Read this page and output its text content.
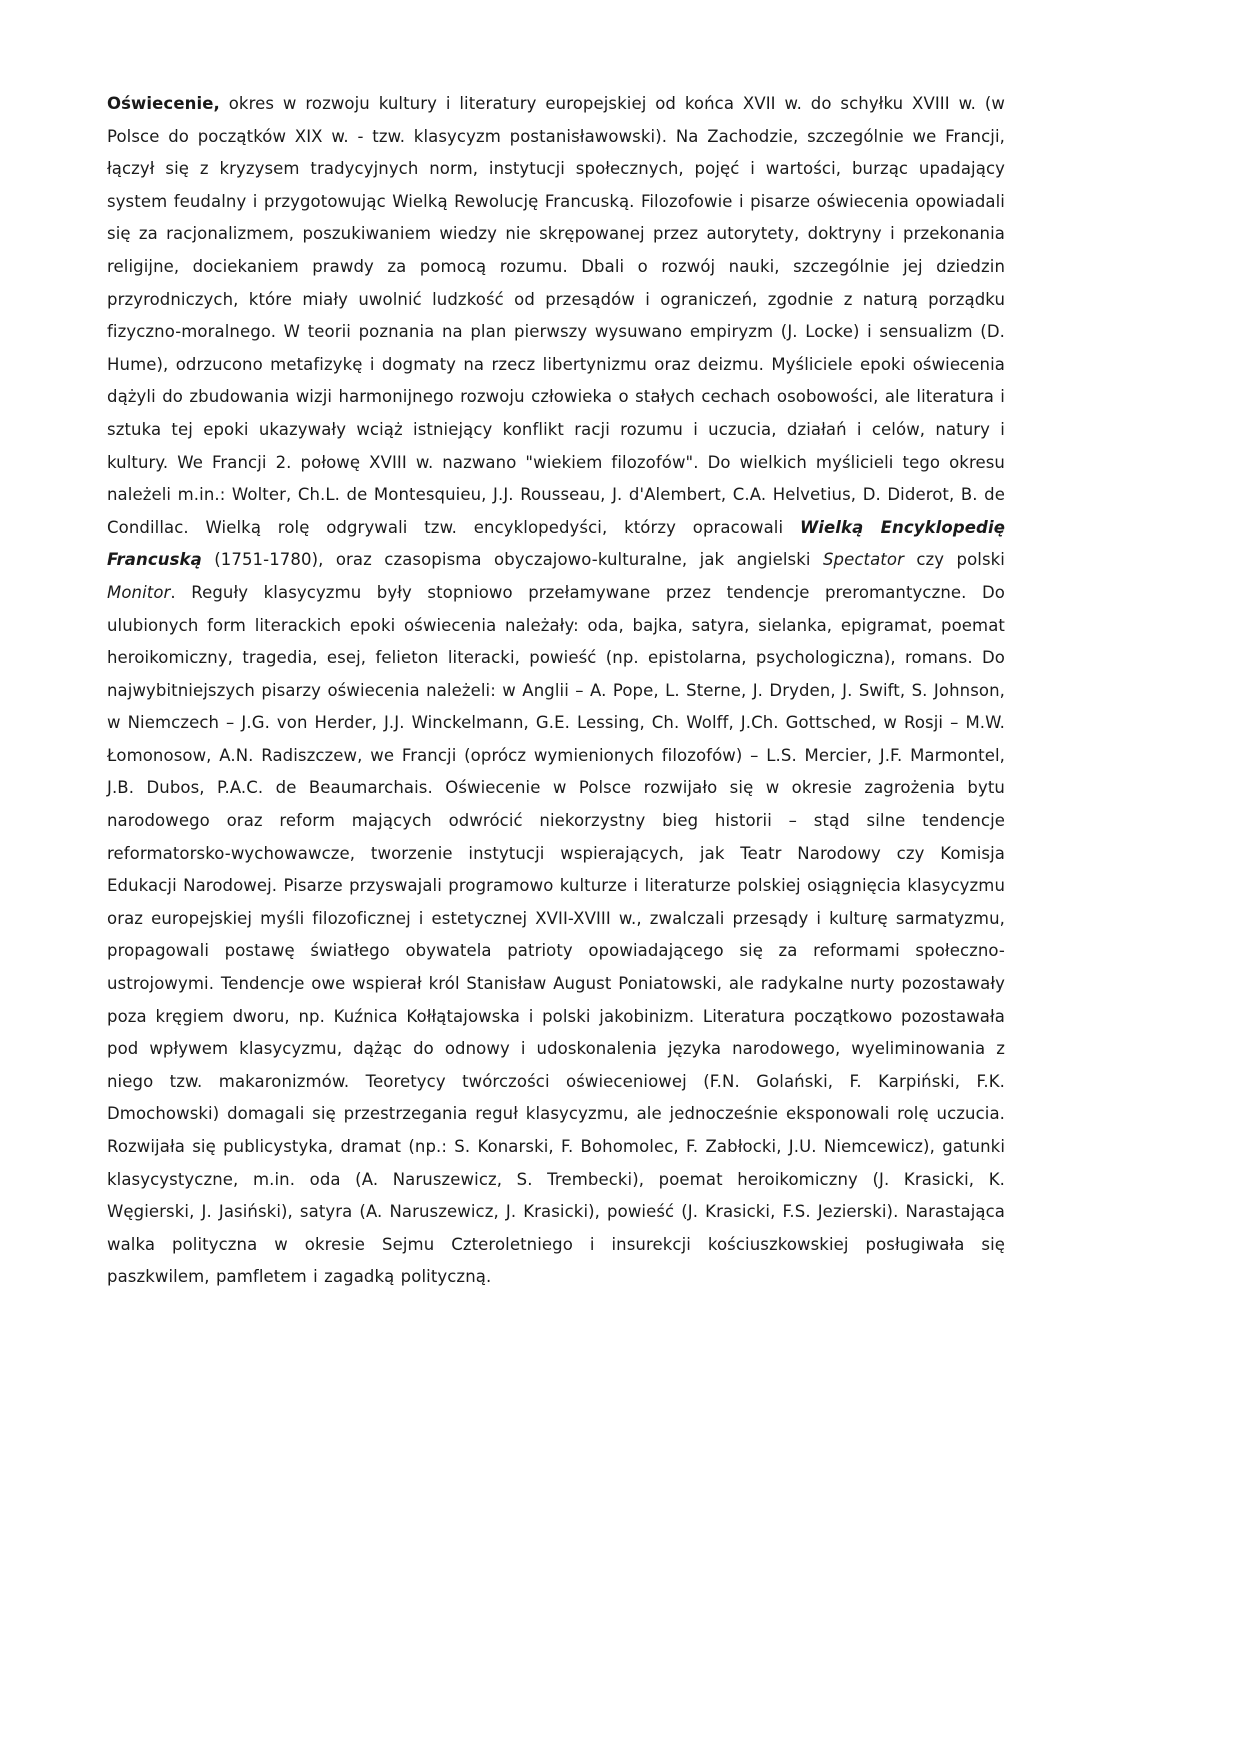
Oświecenie, okres w rozwoju kultury i literatury europejskiej od końca XVII w. do schyłku XVIII w. (w Polsce do początków XIX w. - tzw. klasycyzm postanisławowski). Na Zachodzie, szczególnie we Francji, łączył się z kryzysem tradycyjnych norm, instytucji społecznych, pojęć i wartości, burząc upadający system feudalny i przygotowując Wielką Rewolucję Francuską. Filozofowie i pisarze oświecenia opowiadali się za racjonalizmem, poszukiwaniem wiedzy nie skrępowanej przez autorytety, doktryny i przekonania religijne, dociekaniem prawdy za pomocą rozumu. Dbali o rozwój nauki, szczególnie jej dziedzin przyrodniczych, które miały uwolnić ludzkość od przesądów i ograniczeń, zgodnie z naturą porządku fizyczno-moralnego. W teorii poznania na plan pierwszy wysuwano empiryzm (J. Locke) i sensualizm (D. Hume), odrzucono metafizykę i dogmaty na rzecz libertynizmu oraz deizmu. Myśliciele epoki oświecenia dążyli do zbudowania wizji harmonijnego rozwoju człowieka o stałych cechach osobowości, ale literatura i sztuka tej epoki ukazywały wciąż istniejący konflikt racji rozumu i uczucia, działań i celów, natury i kultury. We Francji 2. połowę XVIII w. nazwano "wiekiem filozofów". Do wielkich myślicieli tego okresu należeli m.in.: Wolter, Ch.L. de Montesquieu, J.J. Rousseau, J. d'Alembert, C.A. Helvetius, D. Diderot, B. de Condillac. Wielką rolę odgrywali tzw. encyklopedyści, którzy opracowali Wielką Encyklopedię Francuską (1751-1780), oraz czasopisma obyczajowo-kulturalne, jak angielski Spectator czy polski Monitor. Reguły klasycyzmu były stopniowo przełamywane przez tendencje preromantyczne. Do ulubionych form literackich epoki oświecenia należały: oda, bajka, satyra, sielanka, epigramat, poemat heroikomiczny, tragedia, esej, felieton literacki, powieść (np. epistolarna, psychologiczna), romans. Do najwybitniejszych pisarzy oświecenia należeli: w Anglii – A. Pope, L. Sterne, J. Dryden, J. Swift, S. Johnson, w Niemczech – J.G. von Herder, J.J. Winckelmann, G.E. Lessing, Ch. Wolff, J.Ch. Gottsched, w Rosji – M.W. Łomonosow, A.N. Radiszczew, we Francji (oprócz wymienionych filozofów) – L.S. Mercier, J.F. Marmontel, J.B. Dubos, P.A.C. de Beaumarchais. Oświecenie w Polsce rozwijało się w okresie zagrożenia bytu narodowego oraz reform mających odwrócić niekorzystny bieg historii – stąd silne tendencje reformatorsko-wychowawcze, tworzenie instytucji wspierających, jak Teatr Narodowy czy Komisja Edukacji Narodowej. Pisarze przyswajali programowo kulturze i literaturze polskiej osiągnięcia klasycyzmu oraz europejskiej myśli filozoficznej i estetycznej XVII-XVIII w., zwalczali przesądy i kulturę sarmatyzmu, propagowali postawę światłego obywatela patrioty opowiadającego się za reformami społeczno-ustrojowymi. Tendencje owe wspierał król Stanisław August Poniatowski, ale radykalne nurty pozostawały poza kręgiem dworu, np. Kuźnica Kołłątajowska i polski jakobinizm. Literatura początkowo pozostawała pod wpływem klasycyzmu, dążąc do odnowy i udoskonalenia języka narodowego, wyeliminowania z niego tzw. makaronizmów. Teoretycy twórczości oświeceniowej (F.N. Golański, F. Karpiński, F.K. Dmochowski) domagali się przestrzegania reguł klasycyzmu, ale jednocześnie eksponowali rolę uczucia. Rozwijała się publicystyka, dramat (np.: S. Konarski, F. Bohomolec, F. Zabłocki, J.U. Niemcewicz), gatunki klasycystyczne, m.in. oda (A. Naruszewicz, S. Trembecki), poemat heroikomiczny (J. Krasicki, K. Węgierski, J. Jasiński), satyra (A. Naruszewicz, J. Krasicki), powieść (J. Krasicki, F.S. Jezierski). Narastająca walka polityczna w okresie Sejmu Czteroletniego i insurekcji kościuszkowskiej posługiwała się paszkwilem, pamfletem i zagadką polityczną.
